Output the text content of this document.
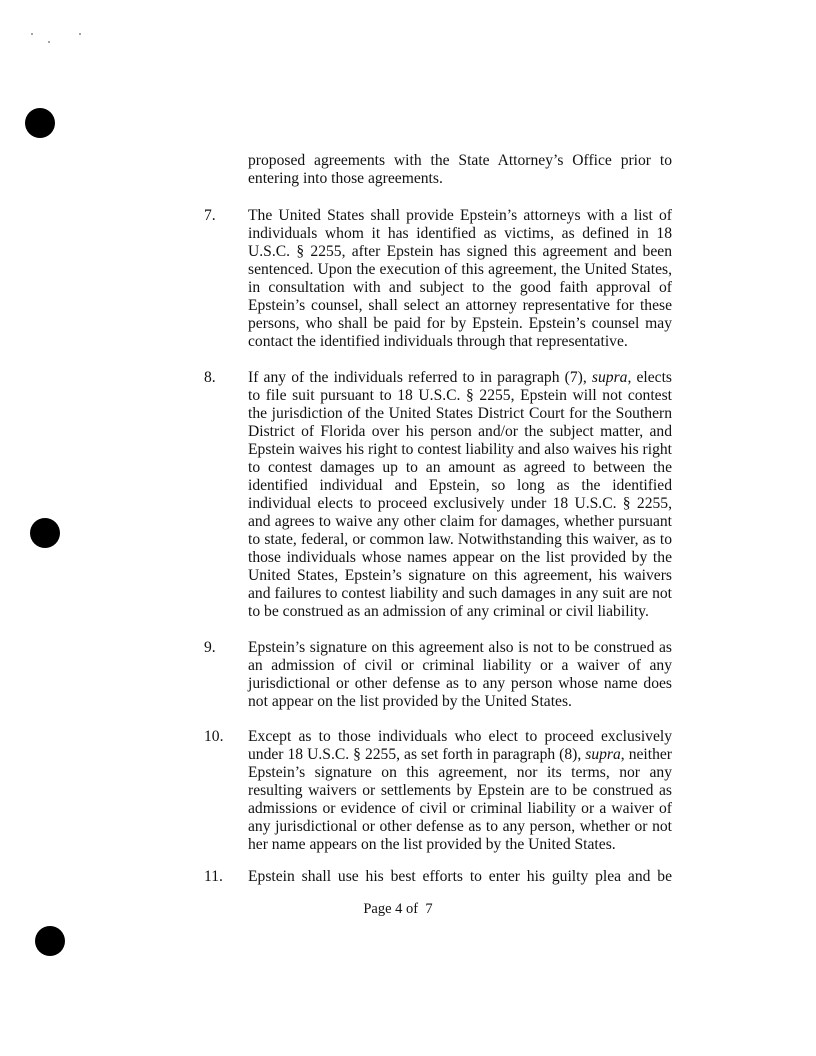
proposed agreements with the State Attorney’s Office prior to entering into those agreements.
7. The United States shall provide Epstein’s attorneys with a list of individuals whom it has identified as victims, as defined in 18 U.S.C. § 2255, after Epstein has signed this agreement and been sentenced. Upon the execution of this agreement, the United States, in consultation with and subject to the good faith approval of Epstein’s counsel, shall select an attorney representative for these persons, who shall be paid for by Epstein. Epstein’s counsel may contact the identified individuals through that representative.
8. If any of the individuals referred to in paragraph (7), supra, elects to file suit pursuant to 18 U.S.C. § 2255, Epstein will not contest the jurisdiction of the United States District Court for the Southern District of Florida over his person and/or the subject matter, and Epstein waives his right to contest liability and also waives his right to contest damages up to an amount as agreed to between the identified individual and Epstein, so long as the identified individual elects to proceed exclusively under 18 U.S.C. § 2255, and agrees to waive any other claim for damages, whether pursuant to state, federal, or common law. Notwithstanding this waiver, as to those individuals whose names appear on the list provided by the United States, Epstein’s signature on this agreement, his waivers and failures to contest liability and such damages in any suit are not to be construed as an admission of any criminal or civil liability.
9. Epstein’s signature on this agreement also is not to be construed as an admission of civil or criminal liability or a waiver of any jurisdictional or other defense as to any person whose name does not appear on the list provided by the United States.
10. Except as to those individuals who elect to proceed exclusively under 18 U.S.C. § 2255, as set forth in paragraph (8), supra, neither Epstein’s signature on this agreement, nor its terms, nor any resulting waivers or settlements by Epstein are to be construed as admissions or evidence of civil or criminal liability or a waiver of any jurisdictional or other defense as to any person, whether or not her name appears on the list provided by the United States.
11. Epstein shall use his best efforts to enter his guilty plea and be
Page 4 of  7
